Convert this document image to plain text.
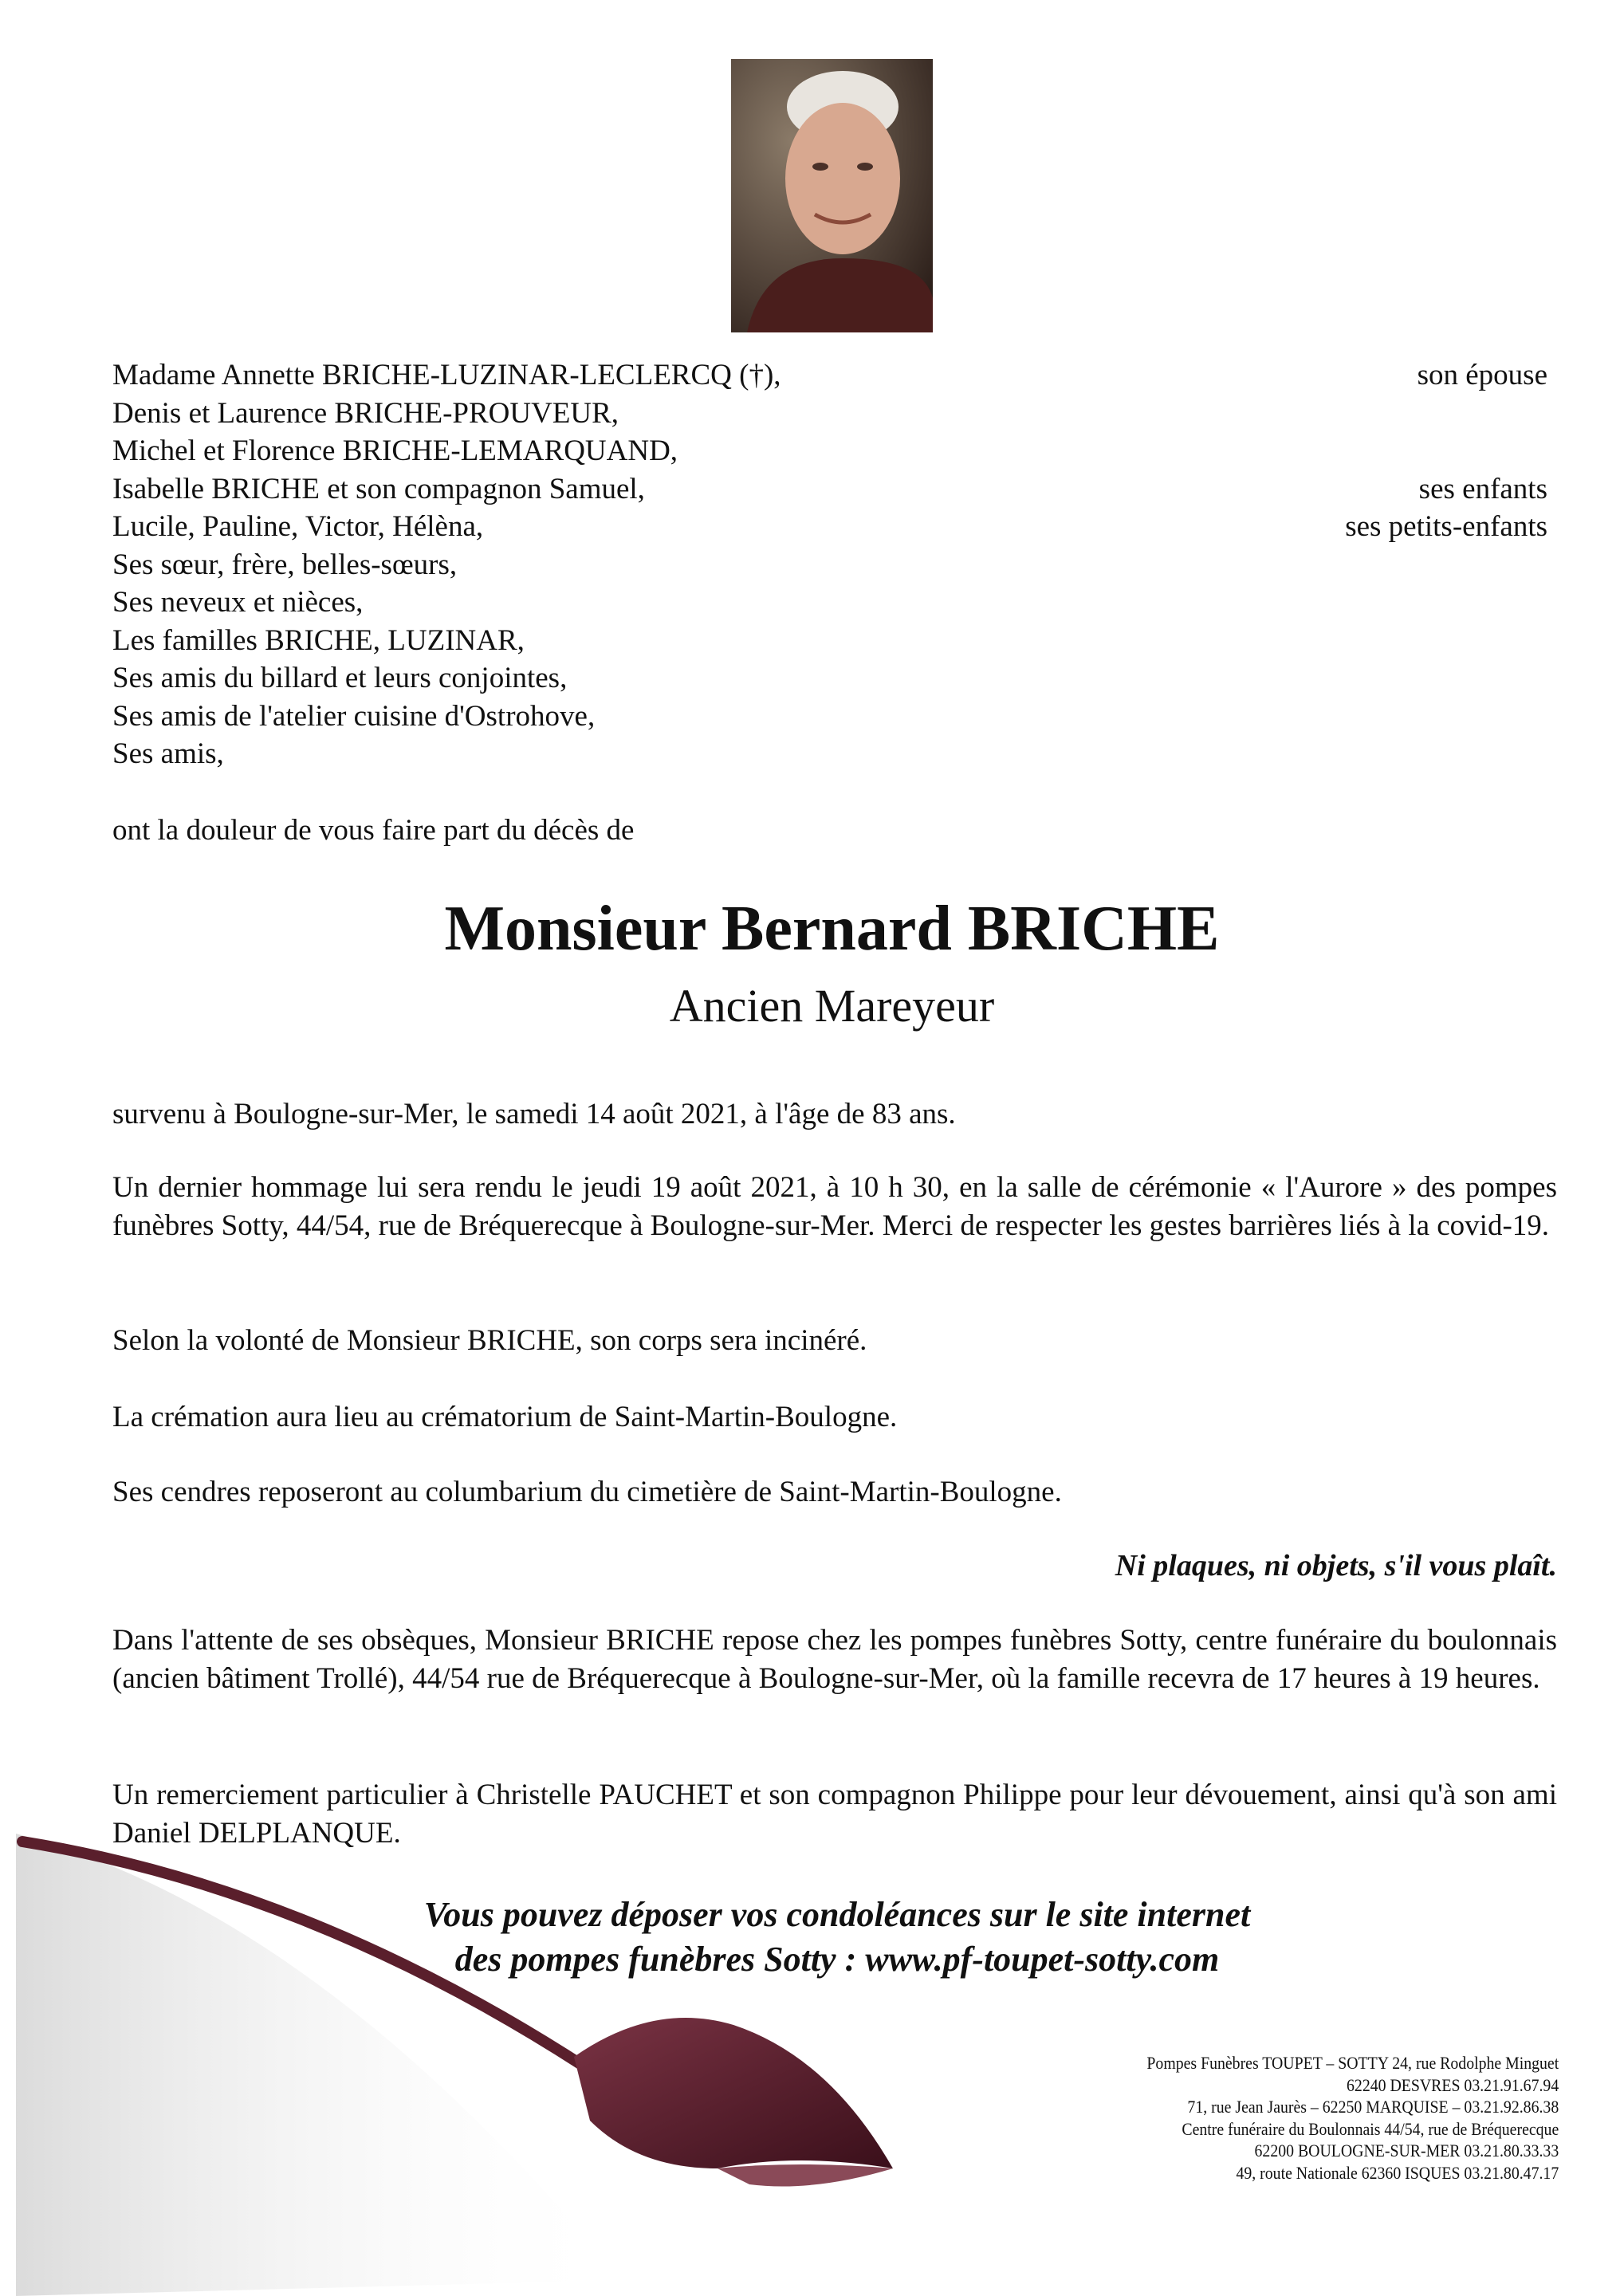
Madame Annette BRICHE-LUZINAR-LECLERCQ (†),
Denis et Laurence BRICHE-PROUVEUR,
Michel et Florence BRICHE-LEMARQUAND,
Isabelle BRICHE et son compagnon Samuel,
Lucile, Pauline, Victor, Hélèna,
Ses sœur, frère, belles-sœurs,
Ses neveux et nièces,
Les familles BRICHE, LUZINAR,
Ses amis du billard et leurs conjointes,
Ses amis de l'atelier cuisine d'Ostrohove,
Ses amis,
son épouse

ses enfants
ses petits-enfants
ont la douleur de vous faire part du décès de
Monsieur Bernard BRICHE
Ancien Mareyeur
survenu à Boulogne-sur-Mer, le samedi 14 août 2021, à l'âge de 83 ans.
Un dernier hommage lui sera rendu le jeudi 19 août 2021, à 10 h 30, en la salle de cérémonie « l'Aurore » des pompes funèbres Sotty, 44/54, rue de Bréquerecque à Boulogne-sur-Mer. Merci de respecter les gestes barrières liés à la covid-19.
Selon la volonté de Monsieur BRICHE, son corps sera incinéré.
La crémation aura lieu au crématorium de Saint-Martin-Boulogne.
Ses cendres reposeront au columbarium du cimetière de Saint-Martin-Boulogne.
Ni plaques, ni objets, s'il vous plaît.
Dans l'attente de ses obsèques, Monsieur BRICHE repose chez les pompes funèbres Sotty, centre funéraire du boulonnais (ancien bâtiment Trollé), 44/54 rue de Bréquerecque à Boulogne-sur-Mer, où la famille recevra de 17 heures à 19 heures.
Un remerciement particulier à Christelle PAUCHET et son compagnon Philippe pour leur dévouement, ainsi qu'à son ami Daniel DELPLANQUE.
Vous pouvez déposer vos condoléances sur le site internet
des pompes funèbres Sotty : www.pf-toupet-sotty.com
Pompes Funèbres TOUPET – SOTTY 24, rue Rodolphe Minguet
62240 DESVRES 03.21.91.67.94
71, rue Jean Jaurès – 62250 MARQUISE – 03.21.92.86.38
Centre funéraire du Boulonnais 44/54, rue de Bréquerecque
62200 BOULOGNE-SUR-MER 03.21.80.33.33
49, route Nationale 62360 ISQUES 03.21.80.47.17
